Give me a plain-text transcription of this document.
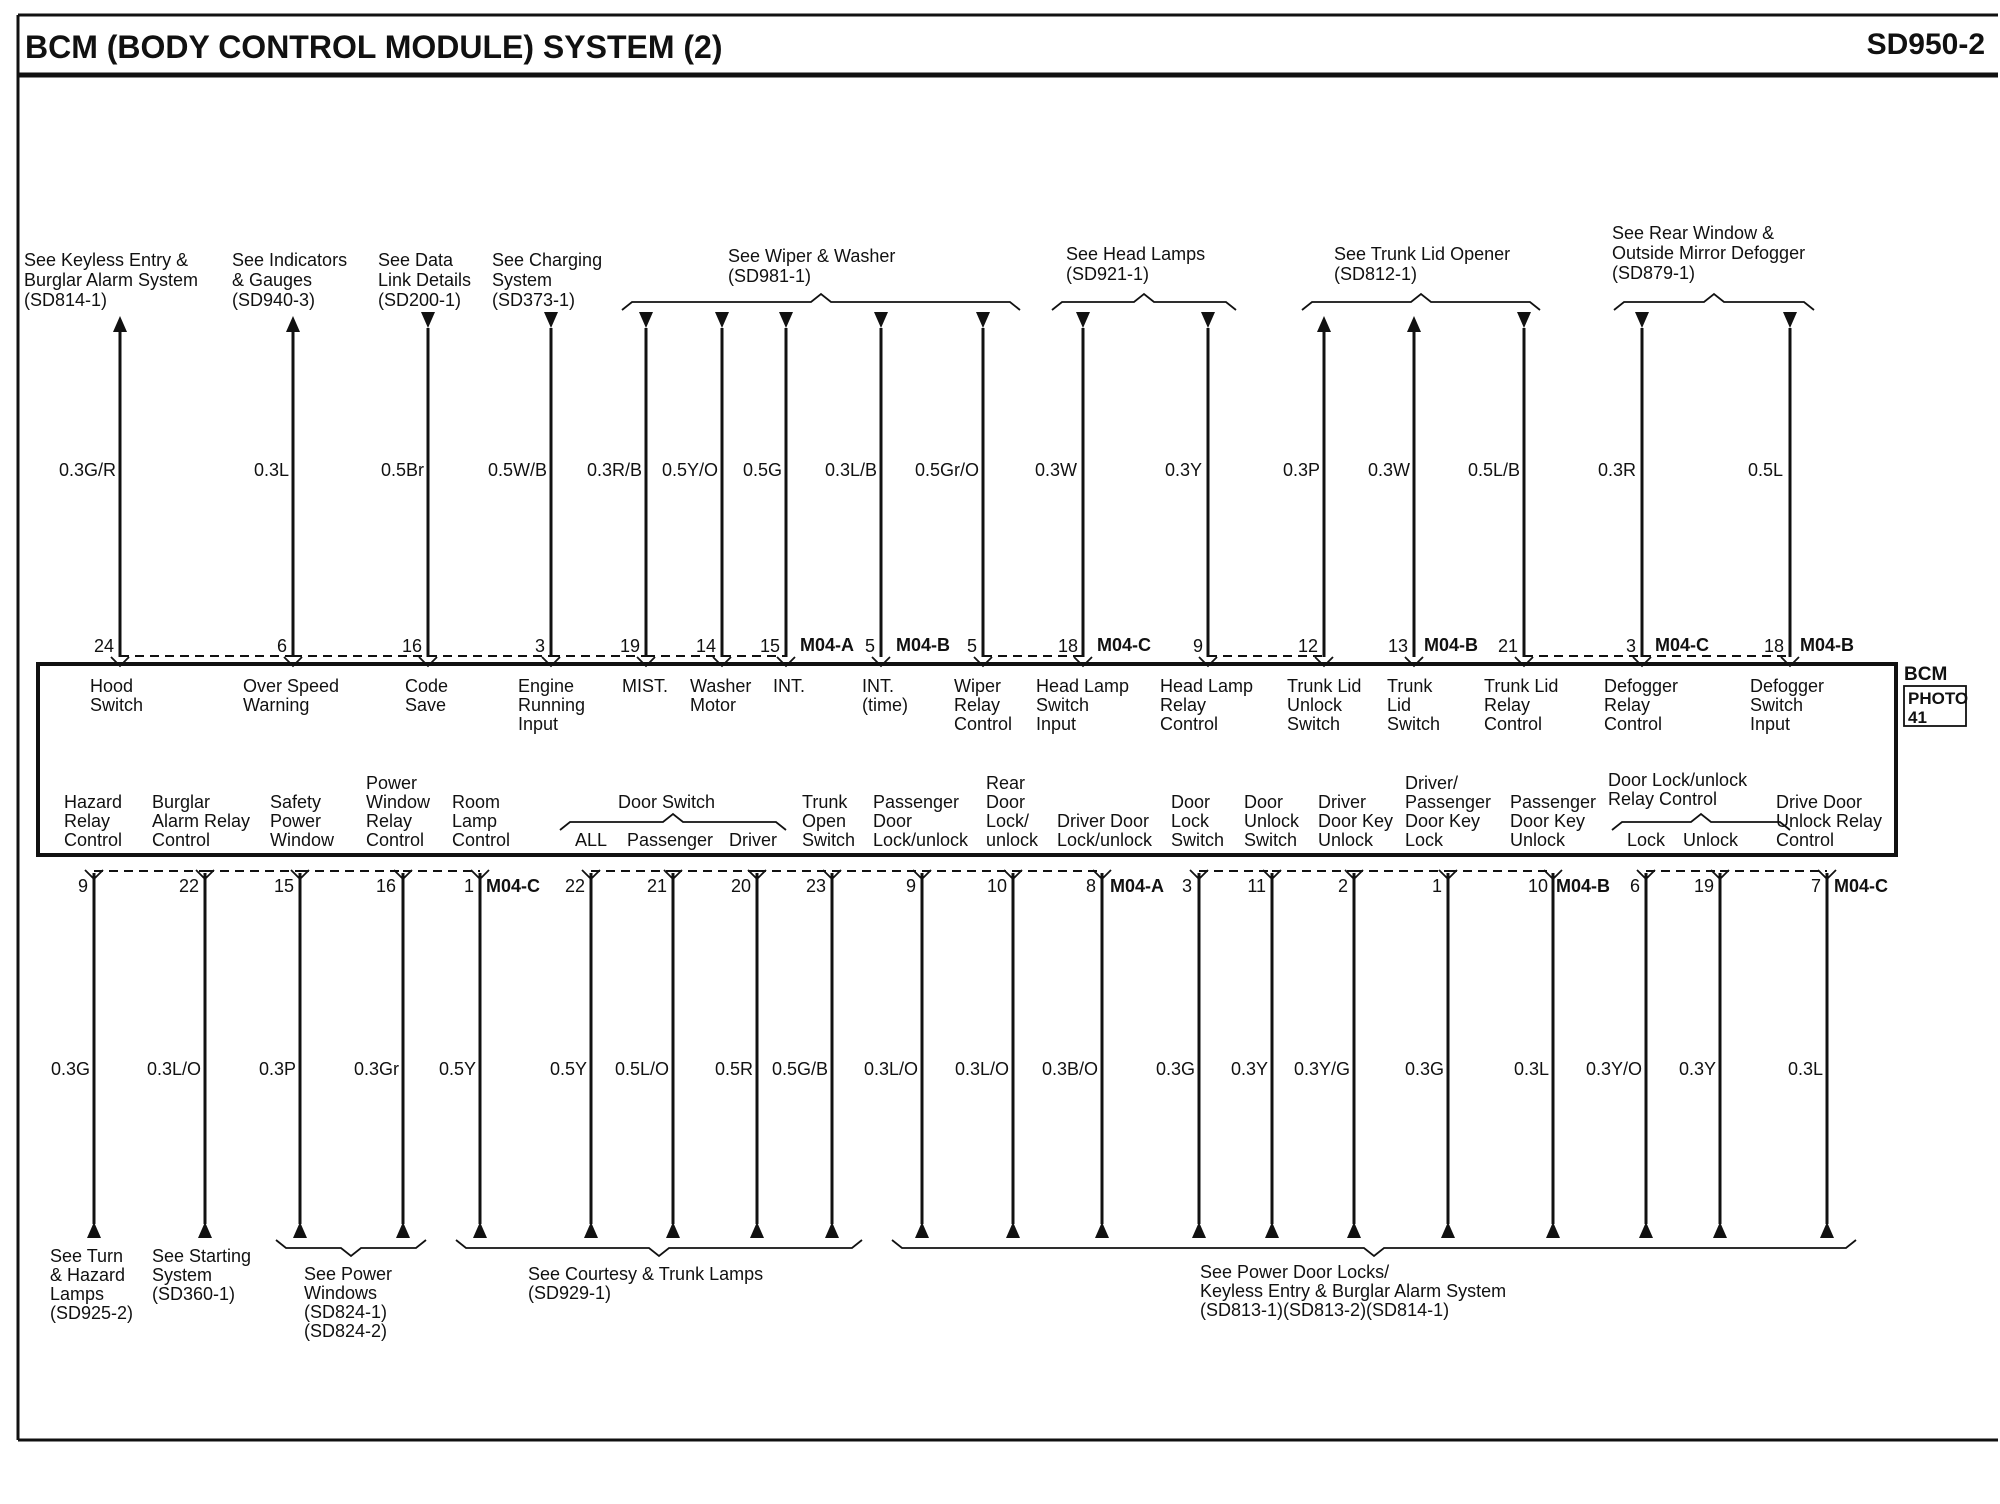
BCM (BODY CONTROL MODULE) SYSTEM (2)	SD950-2
BCM
PHOTO
41
See Keyless Entry &
Burglar Alarm System
(SD814-1)
See Indicators
& Gauges
(SD940-3)
See Data
Link Details
(SD200-1)
See Charging
System
(SD373-1)
See Wiper & Washer
(SD981-1)
See Head Lamps
(SD921-1)
See Trunk Lid Opener
(SD812-1)
See Rear Window &
Outside Mirror Defogger
(SD879-1)
0.3G/R
24
Hood
Switch
0.3L
6
Over Speed
Warning
0.5Br
16
Code
Save
0.5W/B
3
Engine
Running
Input
0.3R/B
19
MIST.
0.5Y/O
14
Washer
Motor
0.5G
15
INT.
0.3L/B
5
INT.
(time)
0.5Gr/O
5
Wiper
Relay
Control
0.3W
18
Head Lamp
Switch
Input
0.3Y
9
Head Lamp
Relay
Control
0.3P
12
Trunk Lid
Unlock
Switch
0.3W
13
Trunk
Lid
Switch
0.5L/B
21
Trunk Lid
Relay
Control
0.3R
3
Defogger
Relay
Control
0.5L
18
Defogger
Switch
Input
M04-A M04-B	M04-C	M04-B	M04-C	M04-B
0.3G
9
Hazard
Relay
Control
0.3L/O
22
Burglar
Alarm Relay
Control
0.3P
15
Safety
Power
Window
0.3Gr
16
Power
Window
Relay
Control
0.5Y
1
Room
Lamp
Control
0.5Y
22
ALL
0.5L/O
21
Passenger
0.5R
20
Driver
0.5G/B
23
Trunk
Open
Switch
0.3L/O
9
Passenger
Door
Lock/unlock
0.3L/O
10
Rear
Door
Lock/
unlock
0.3B/O
8
Driver Door
Lock/unlock
0.3G
3
Door
Lock
Switch
0.3Y
11
Door
Unlock
Switch
0.3Y/G
2
Driver
Door Key
Unlock
0.3G
1
Driver/
Passenger
Door Key
Lock
0.3L
10
Passenger
Door Key
Unlock
0.3Y/O
6
Lock
0.3Y
19
Unlock
0.3L
7
Drive Door
Unlock Relay
Control
M04-C	M04-A	M04-B	M04-C
Door Switch
Door Lock/unlock
Relay Control
See Turn
& Hazard
Lamps
(SD925-2)
See Starting
System
(SD360-1)
See Power
Windows
(SD824-1)
(SD824-2)
See Courtesy & Trunk Lamps
(SD929-1)
See Power Door Locks/
Keyless Entry & Burglar Alarm System
(SD813-1)(SD813-2)(SD814-1)
